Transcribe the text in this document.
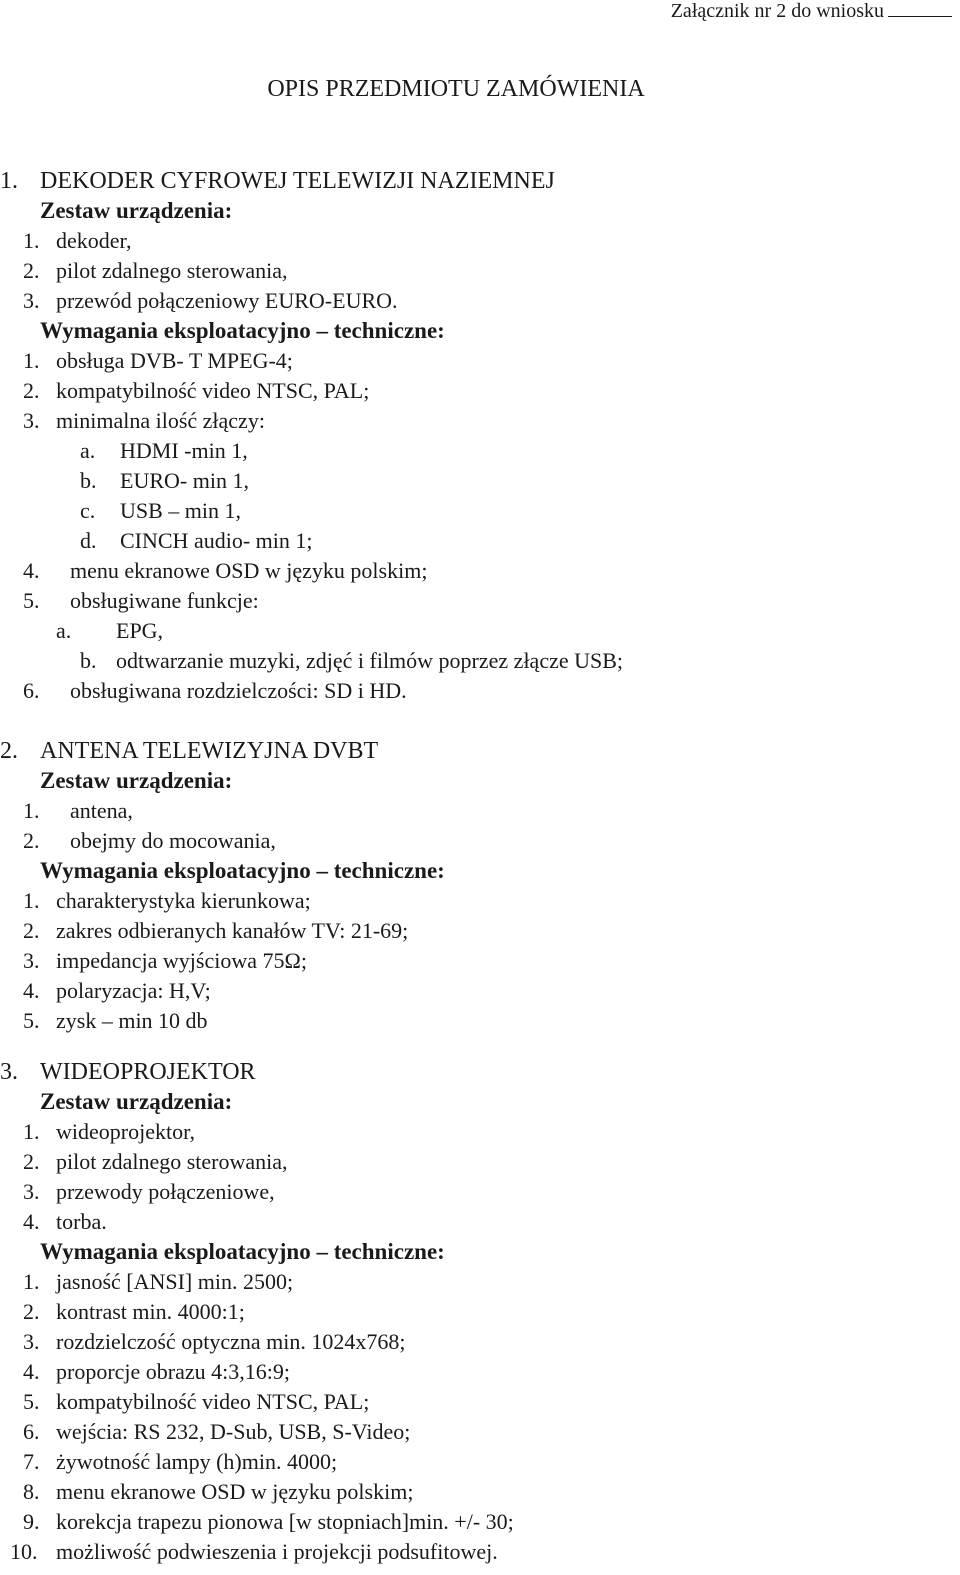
Załącznik nr 2 do wniosku
OPIS PRZEDMIOTU ZAMÓWIENIA
1. DEKODER CYFROWEJ TELEWIZJI NAZIEMNEJ
Zestaw urządzenia:
1. dekoder,
2. pilot zdalnego sterowania,
3. przewód połączeniowy EURO-EURO.
Wymagania eksploatacyjno – techniczne:
1. obsługa DVB- T MPEG-4;
2. kompatybilność video NTSC, PAL;
3. minimalna ilość złączy:
a. HDMI -min 1,
b. EURO- min 1,
c. USB – min 1,
d. CINCH audio- min 1;
4. menu ekranowe OSD w języku polskim;
5. obsługiwane funkcje:
a. EPG,
b. odtwarzanie muzyki, zdjęć i filmów poprzez złącze USB;
6. obsługiwana rozdzielczości: SD i HD.
2. ANTENA TELEWIZYJNA DVBT
Zestaw urządzenia:
1. antena,
2. obejmy do mocowania,
Wymagania eksploatacyjno – techniczne:
1. charakterystyka kierunkowa;
2. zakres odbieranych kanałów TV: 21-69;
3. impedancja wyjściowa 75Ω;
4. polaryzacja: H,V;
5. zysk – min 10 db
3. WIDEOPROJEKTOR
Zestaw urządzenia:
1. wideoprojektor,
2. pilot zdalnego sterowania,
3. przewody połączeniowe,
4. torba.
Wymagania eksploatacyjno – techniczne:
1. jasność [ANSI] min. 2500;
2. kontrast min. 4000:1;
3. rozdzielczość optyczna min. 1024x768;
4. proporcje obrazu 4:3,16:9;
5. kompatybilność video NTSC, PAL;
6. wejścia: RS 232, D-Sub, USB, S-Video;
7. żywotność lampy (h)min. 4000;
8. menu ekranowe OSD w języku polskim;
9. korekcja trapezu pionowa [w stopniach]min. +/- 30;
10. możliwość podwieszenia i projekcji podsufitowej.
